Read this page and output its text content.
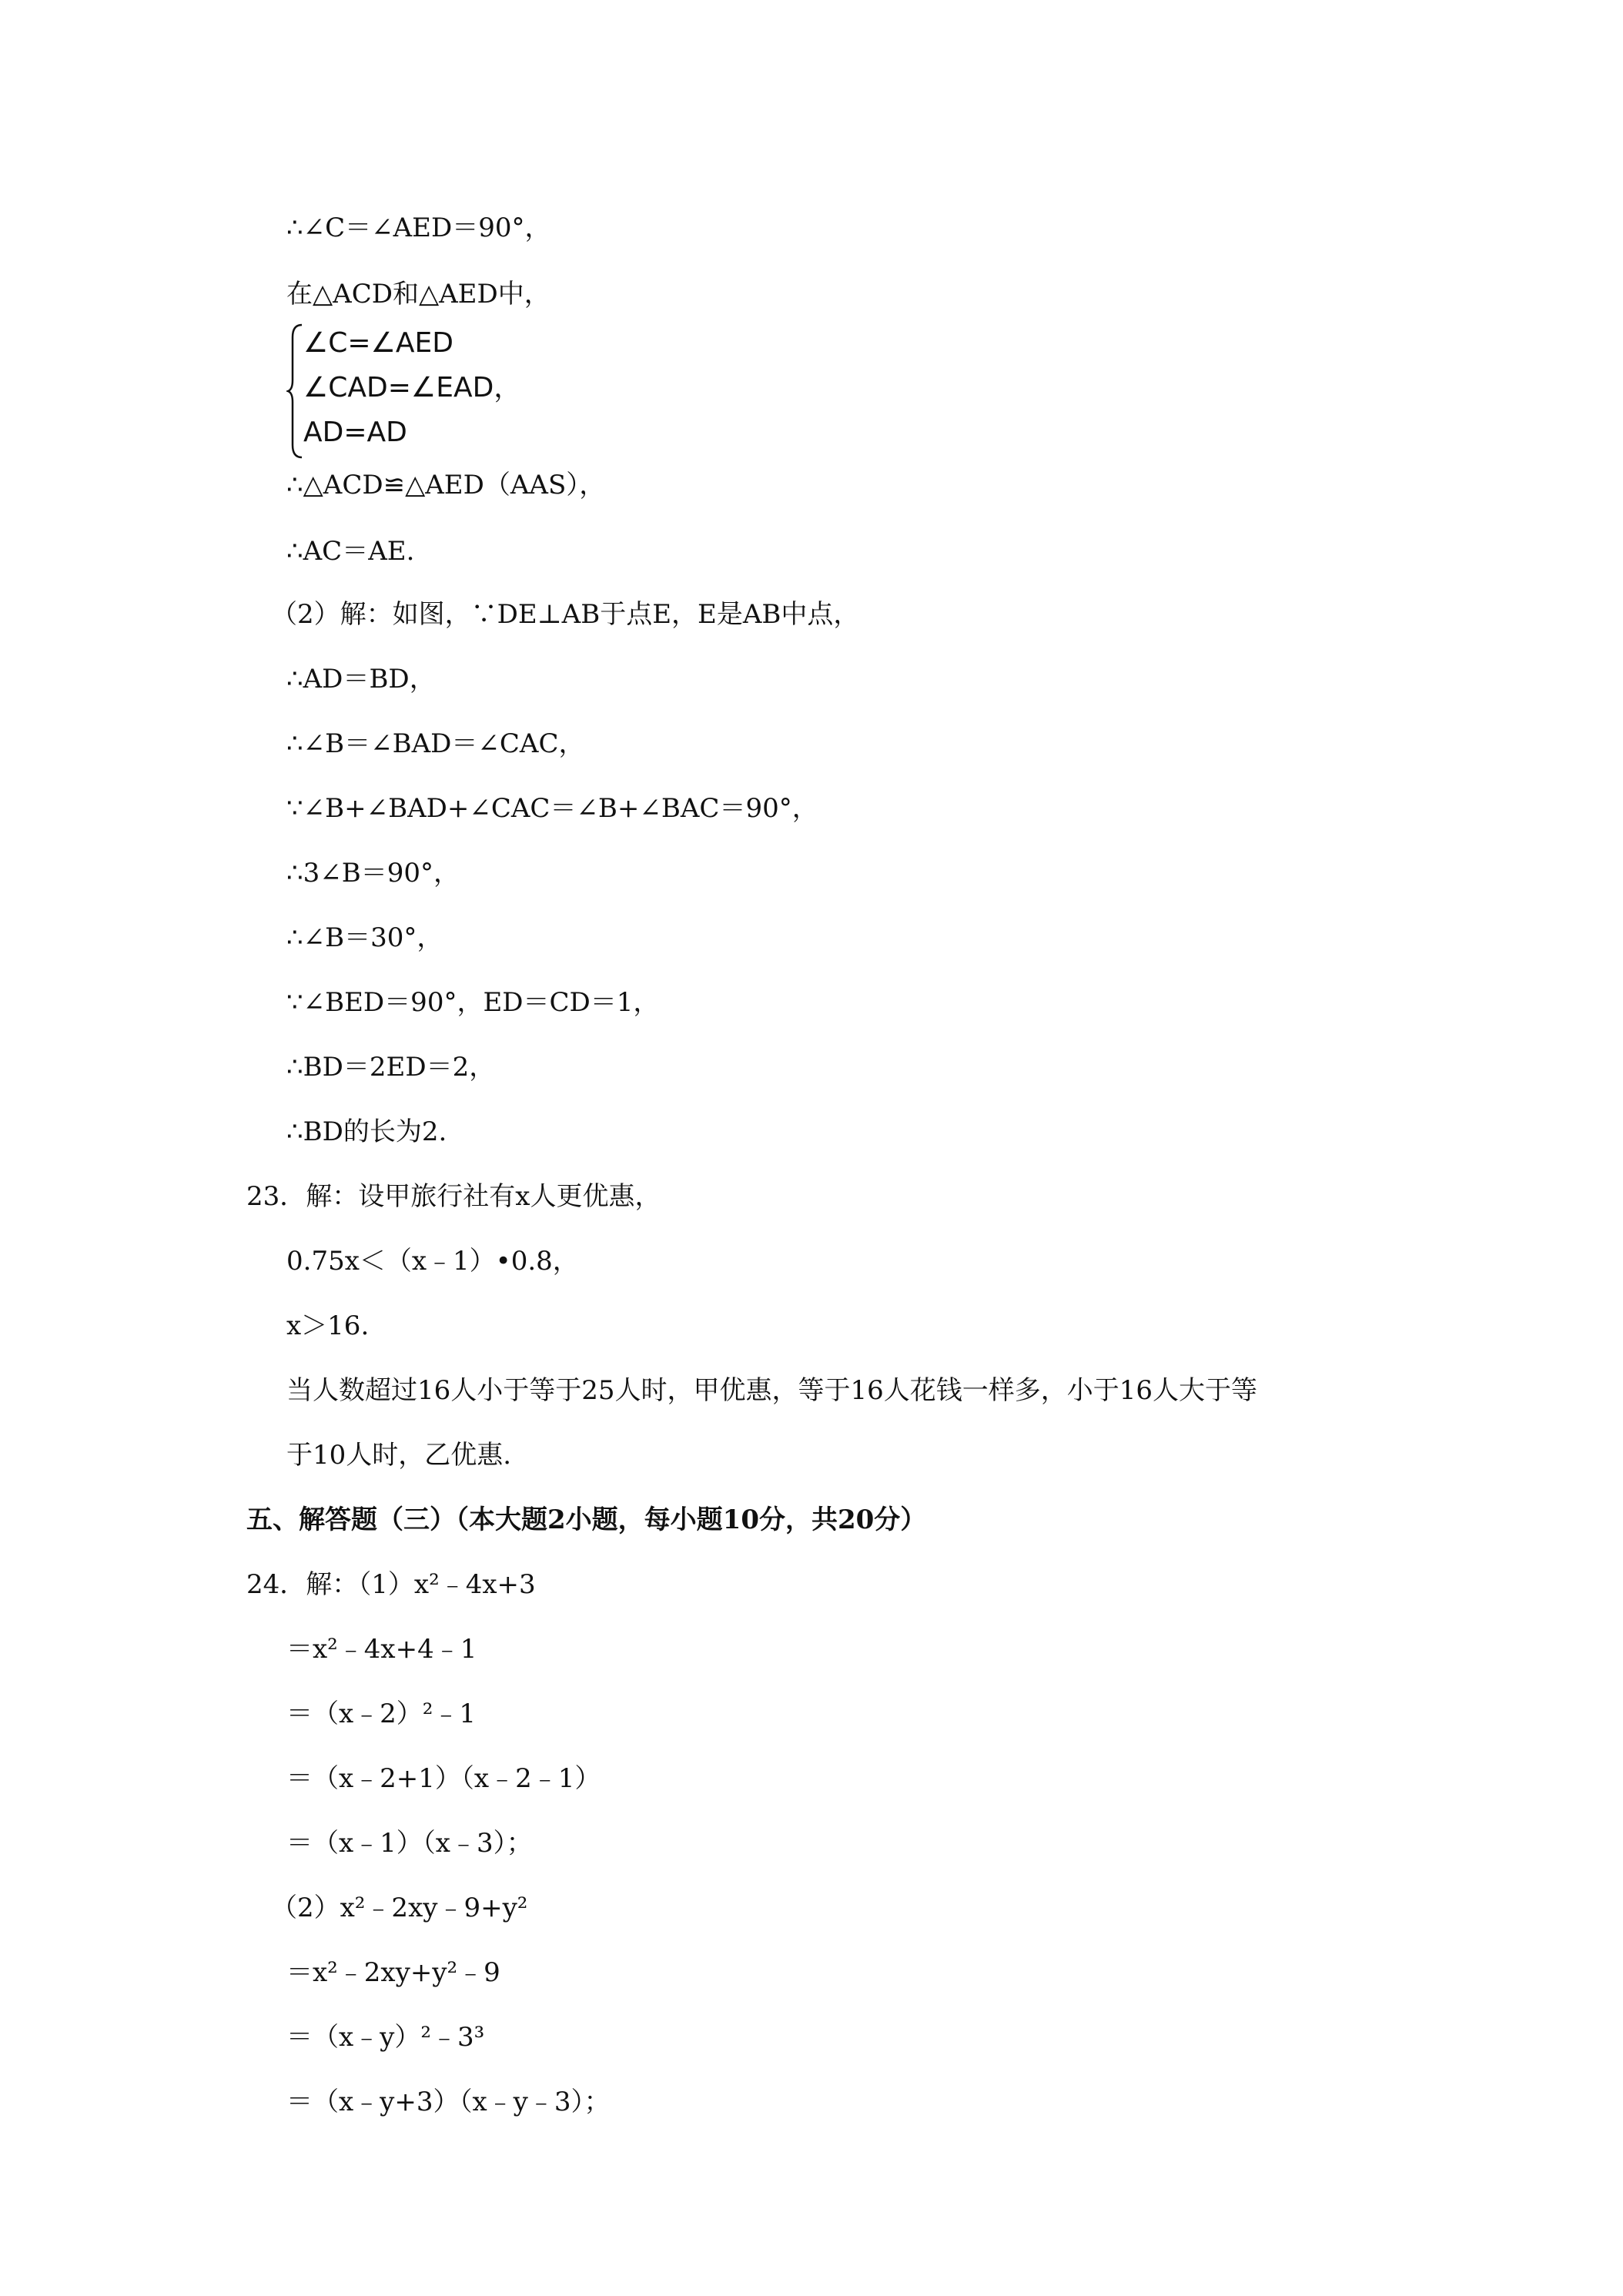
∴∠C＝∠AED＝90°，
在△ACD和△AED中，
∠C=∠AED
∠CAD=∠EAD，
AD=AD
∴△ACD≌△AED（AAS），
∴AC＝AE.
（2）解：如图，∵DE⊥AB于点E，E是AB中点，
∴AD＝BD，
∴∠B＝∠BAD＝∠CAC，
∵∠B+∠BAD+∠CAC＝∠B+∠BAC＝90°，
∴3∠B＝90°，
∴∠B＝30°，
∵∠BED＝90°，ED＝CD＝1，
∴BD＝2ED＝2，
∴BD的长为2.
23．解：设甲旅行社有x人更优惠，
0.75x＜（x﹣1）•0.8，
x＞16.
当人数超过16人小于等于25人时，甲优惠，等于16人花钱一样多，小于16人大于等
于10人时，乙优惠.
五、解答题（三）（本大题2小题，每小题10分，共20分）
24．解：（1）x²﹣4x+3
＝x²﹣4x+4﹣1
＝（x﹣2）²﹣1
＝（x﹣2+1）（x﹣2﹣1）
＝（x﹣1）（x﹣3）；
（2）x²﹣2xy﹣9+y²
＝x²﹣2xy+y²﹣9
＝（x﹣y）²﹣3³
＝（x﹣y+3）（x﹣y﹣3）；
